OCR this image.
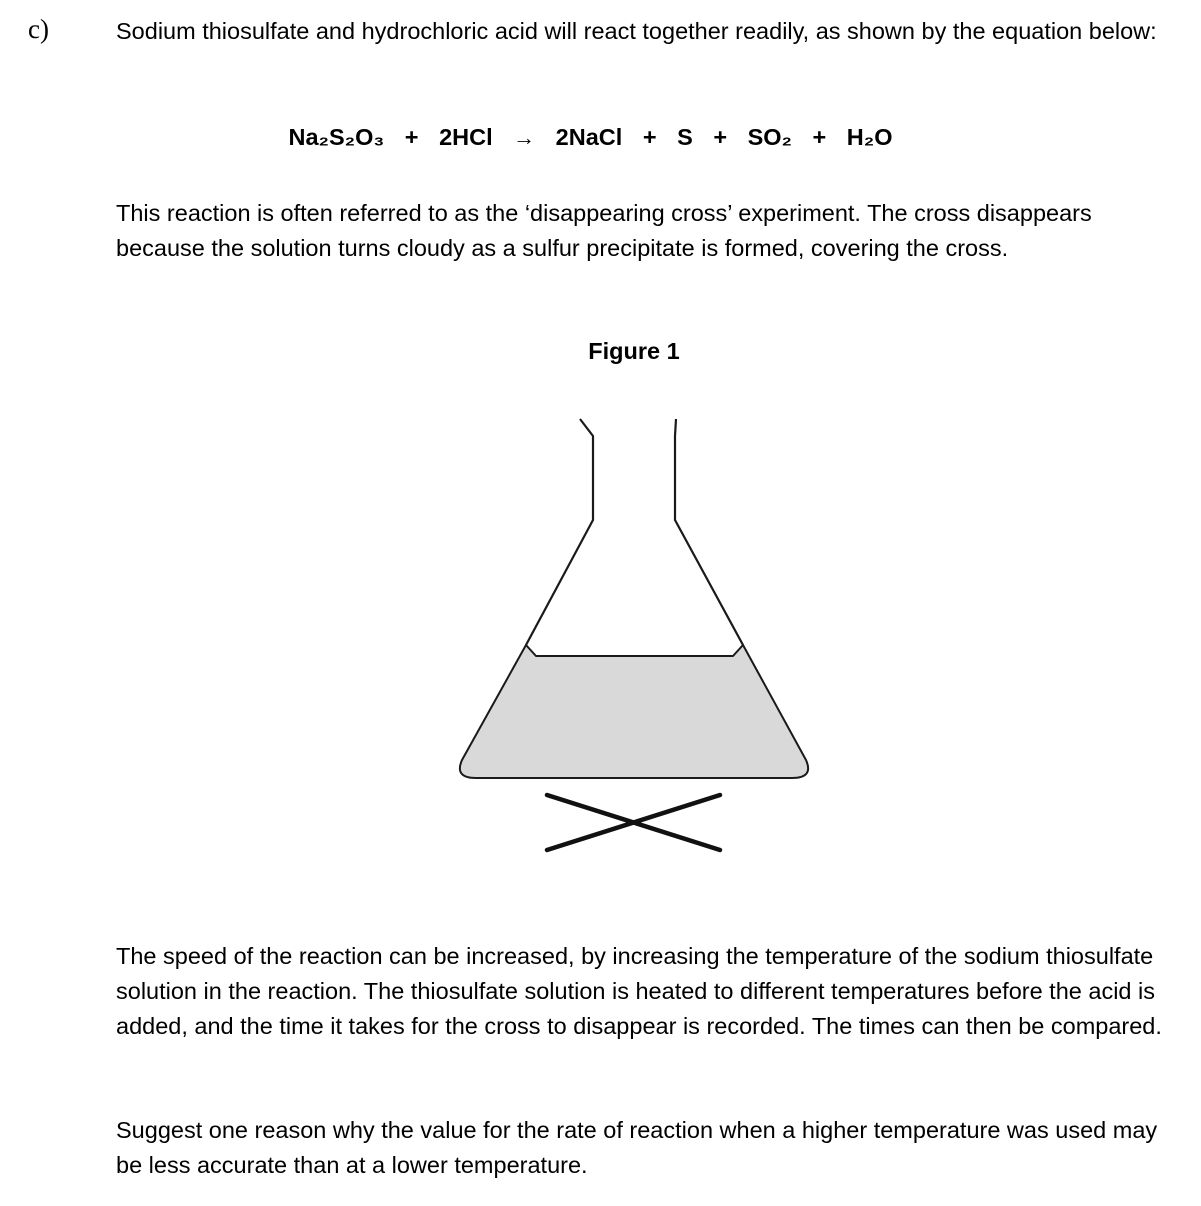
c)	Sodium thiosulfate and hydrochloric acid will react together readily, as shown by the equation below:

Na₂S₂O₃ + 2HCl → 2NaCl + S + SO₂ + H₂O

This reaction is often referred to as the ‘disappearing cross’ experiment. The cross disappears because the solution turns cloudy as a sulfur precipitate is formed, covering the cross.

Figure 1

The speed of the reaction can be increased, by increasing the temperature of the sodium thiosulfate solution in the reaction. The thiosulfate solution is heated to different temperatures before the acid is added, and the time it takes for the cross to disappear is recorded. The times can then be compared.

Suggest one reason why the value for the rate of reaction when a higher temperature was used may be less accurate than at a lower temperature.
